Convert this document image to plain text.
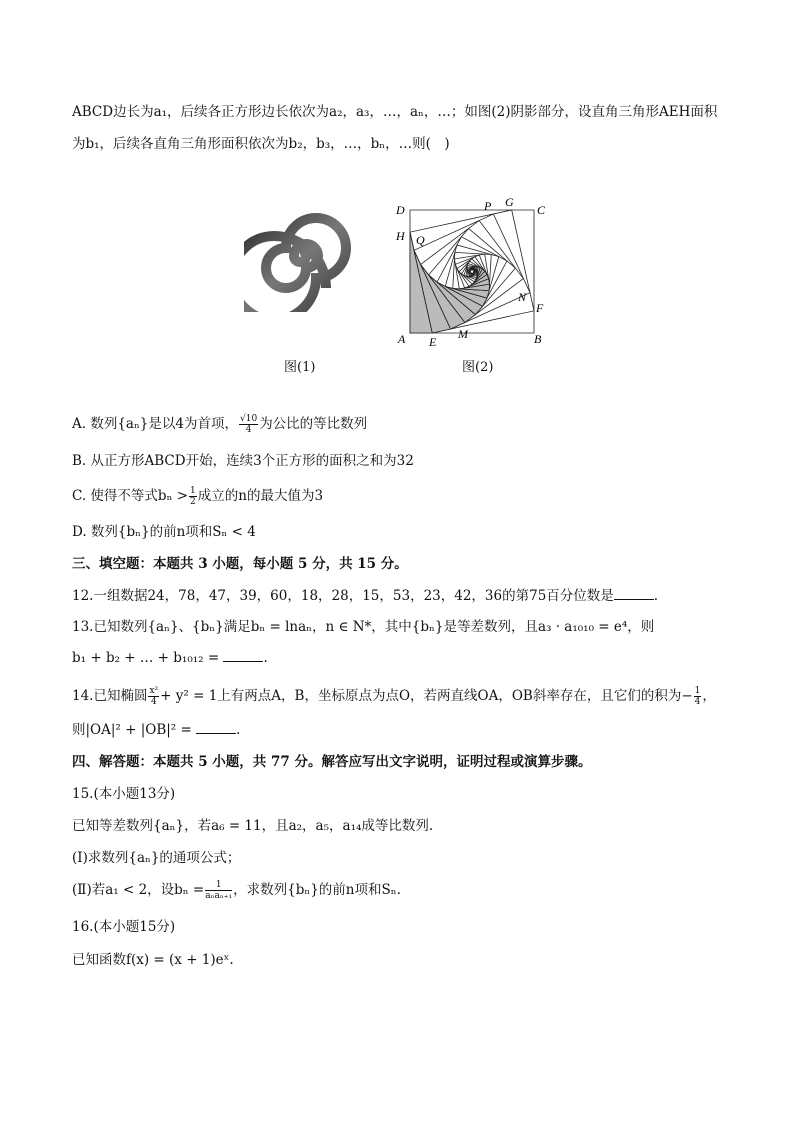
ABCD边长为a₁，后续各正方形边长依次为a₂，a₃，…，aₙ，…；如图(2)阴影部分，设直角三角形AEH面积
为b₁，后续各直角三角形面积依次为b₂，b₃，…，bₙ，…则(　)
D	P G
C
H Q
N
F
A E
M	B
图(1)	图(2)
A. 数列{aₙ}是以4为首项， $\frac{√10}{4}$ 为公比的等比数列
B. 从正方形ABCD开始，连续3个正方形的面积之和为32
C. 使得不等式$b_n > \frac{1}{2}$ 成立的n的最大值为3
D. 数列{bₙ}的前n项和Sₙ < 4
三、填空题：本题共 3 小题，每小题 5 分，共 15 分。
12.一组数据24，78，47，39，60，18，28，15，53，23，42，36的第75百分位数是	.
13.已知数列{aₙ}、{bₙ}满足bₙ = lnaₙ，n ∈ N*，其中{bₙ}是等差数列，且a₃ · a₁₀₁₀ = e⁴，则
b₁ + b₂ + … + b₁₀₁₂ =	.
14.已知椭圆 $\frac{\text{x²}}{4} + y^2 = 1$上有两点A，B，坐标原点为点O，若两直线OA，OB斜率存在，且它们的积为− $\frac{1}{4}$ ，
则|OA|² + |OB|² =	.
四、解答题：本题共 5 小题，共 77 分。解答应写出文字说明，证明过程或演算步骤。
15.(本小题13分)
已知等差数列{aₙ}，若a₆ = 11，且a₂，a₅，a₁₄成等比数列.
(Ⅰ)求数列{aₙ}的通项公式；
(Ⅱ)若a₁ < 2，设$b_n = \frac{1}{\text{aₙaₙ₊₁}}$ ，求数列{bₙ}的前n项和Sₙ.
16.(本小题15分)
已知函数f(x) = (x + 1)eˣ.
